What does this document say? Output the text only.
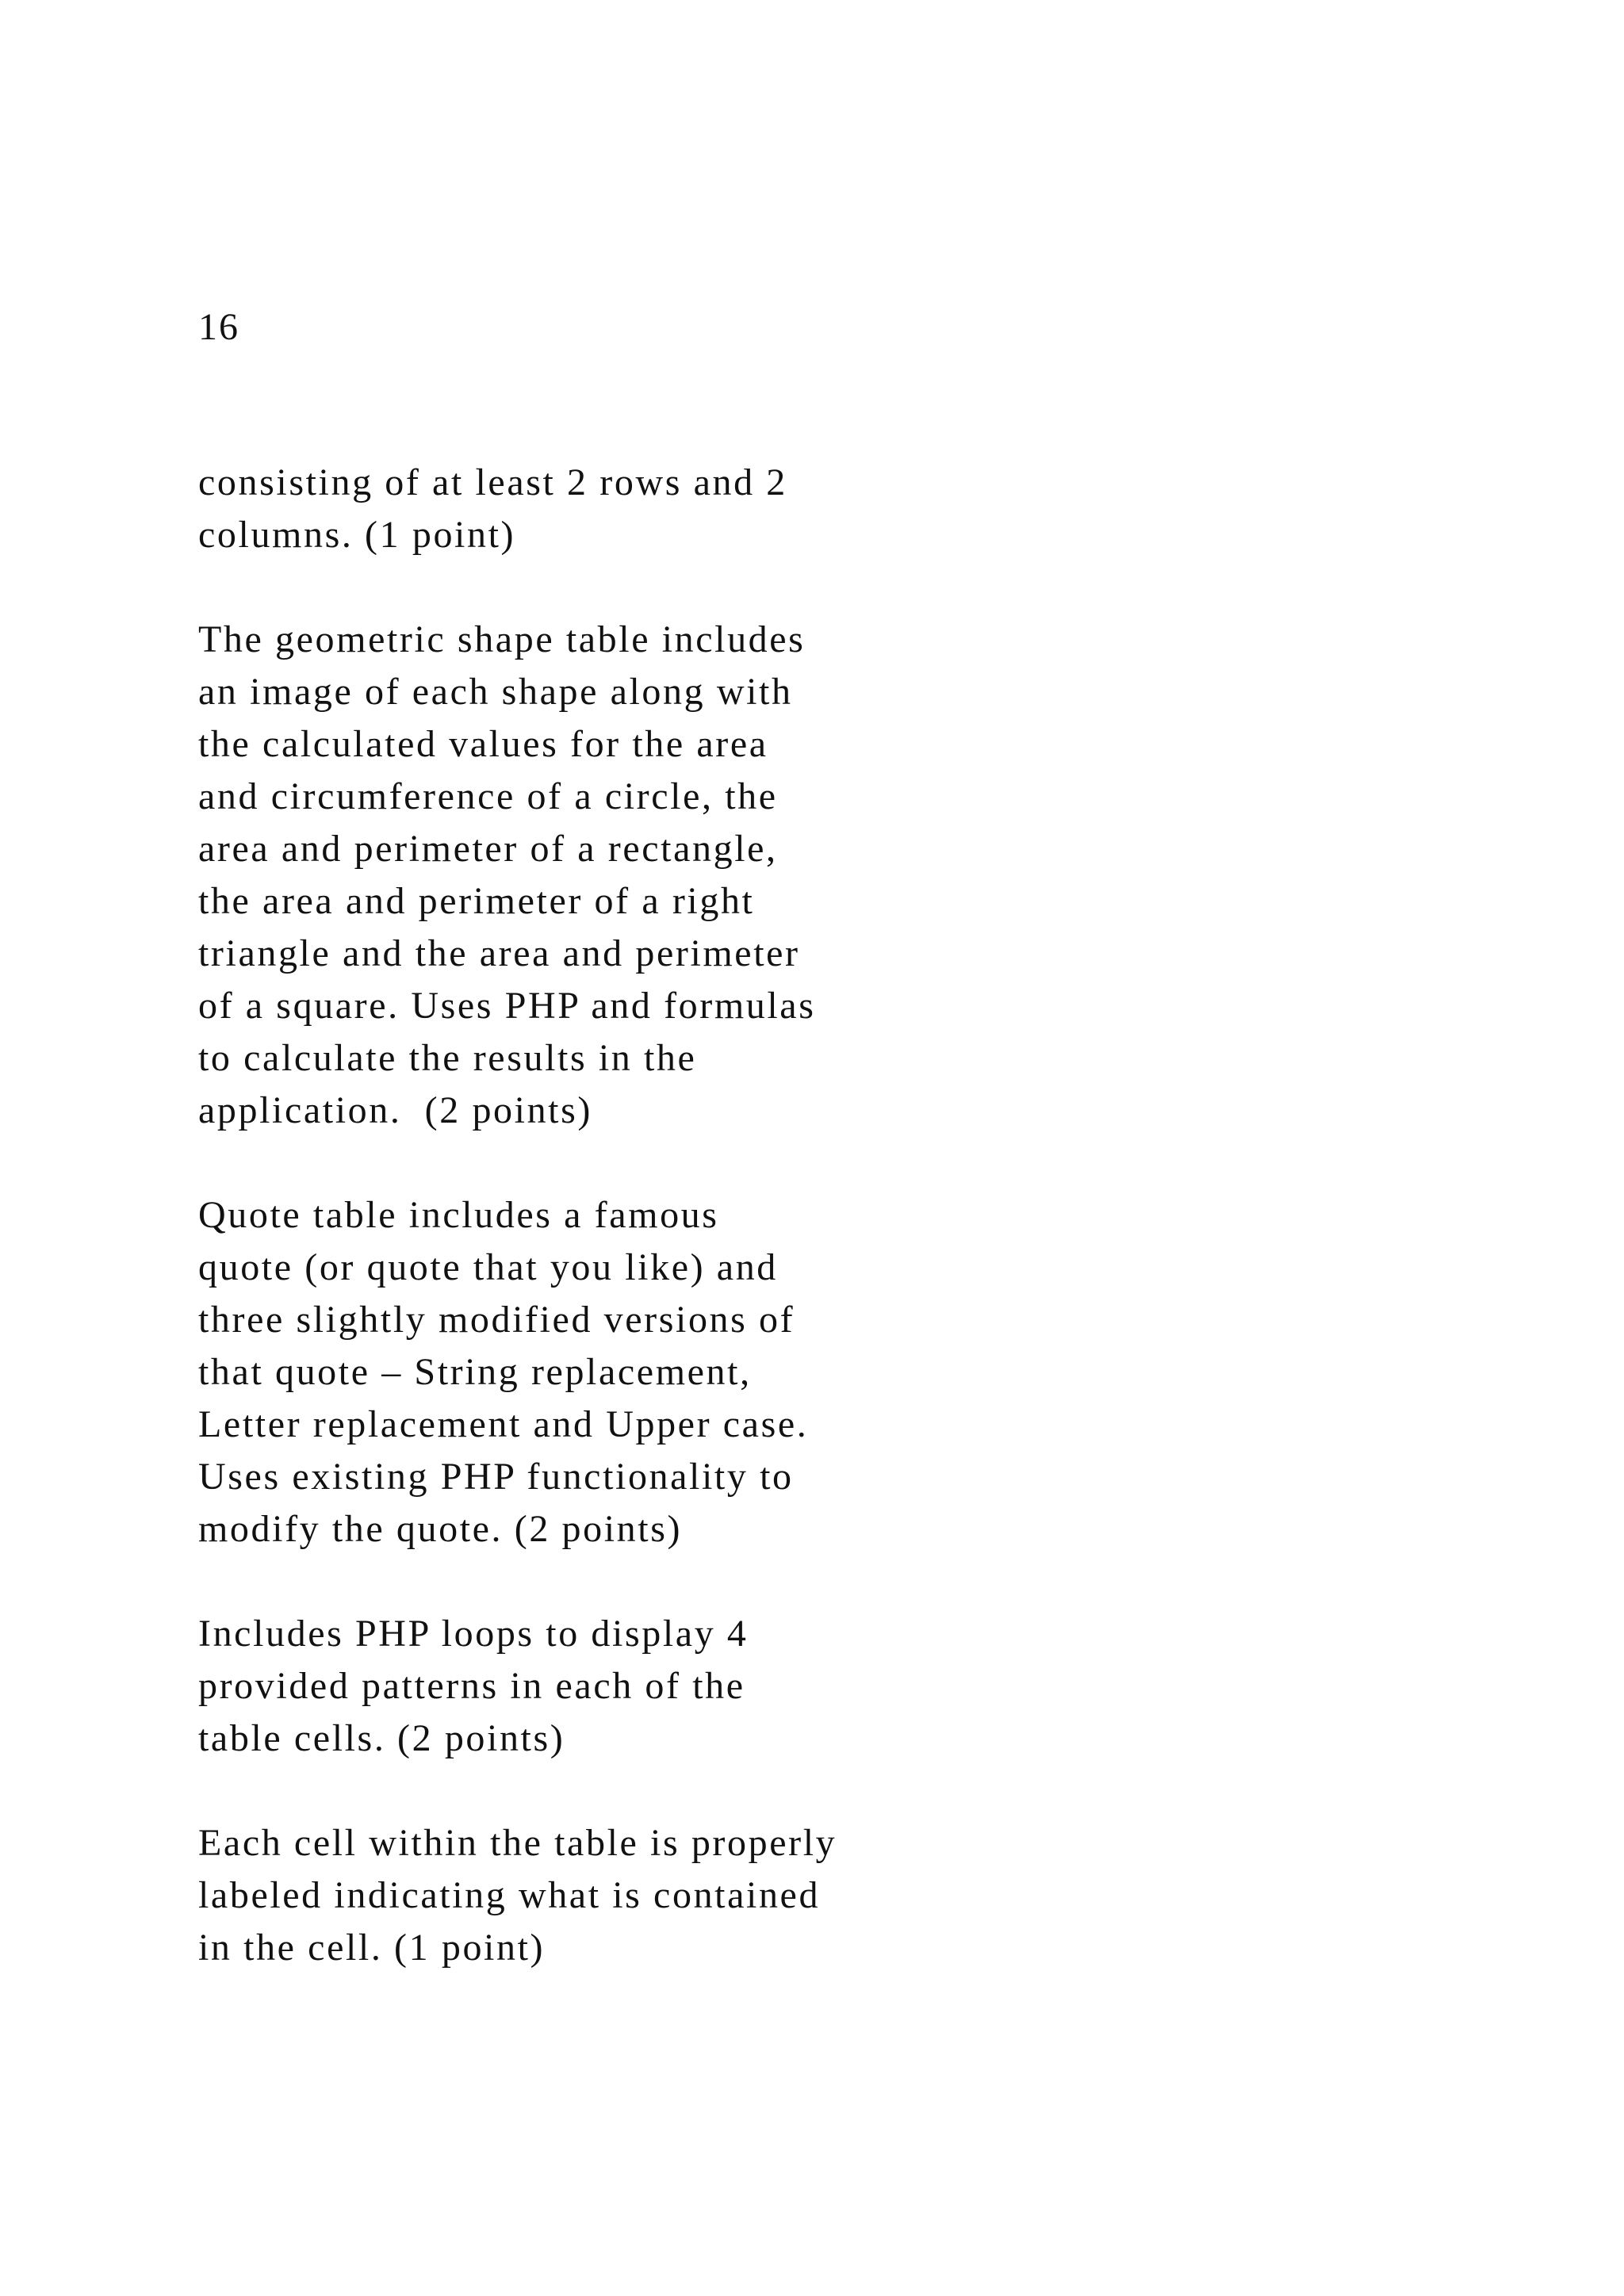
16

consisting of at least 2 rows and 2
columns. (1 point)

The geometric shape table includes
an image of each shape along with
the calculated values for the area
and circumference of a circle, the
area and perimeter of a rectangle,
the area and perimeter of a right
triangle and the area and perimeter
of a square. Uses PHP and formulas
to calculate the results in the
application.  (2 points)

Quote table includes a famous
quote (or quote that you like) and
three slightly modified versions of
that quote – String replacement,
Letter replacement and Upper case.
Uses existing PHP functionality to
modify the quote. (2 points)

Includes PHP loops to display 4
provided patterns in each of the
table cells. (2 points)

Each cell within the table is properly
labeled indicating what is contained
in the cell. (1 point)
